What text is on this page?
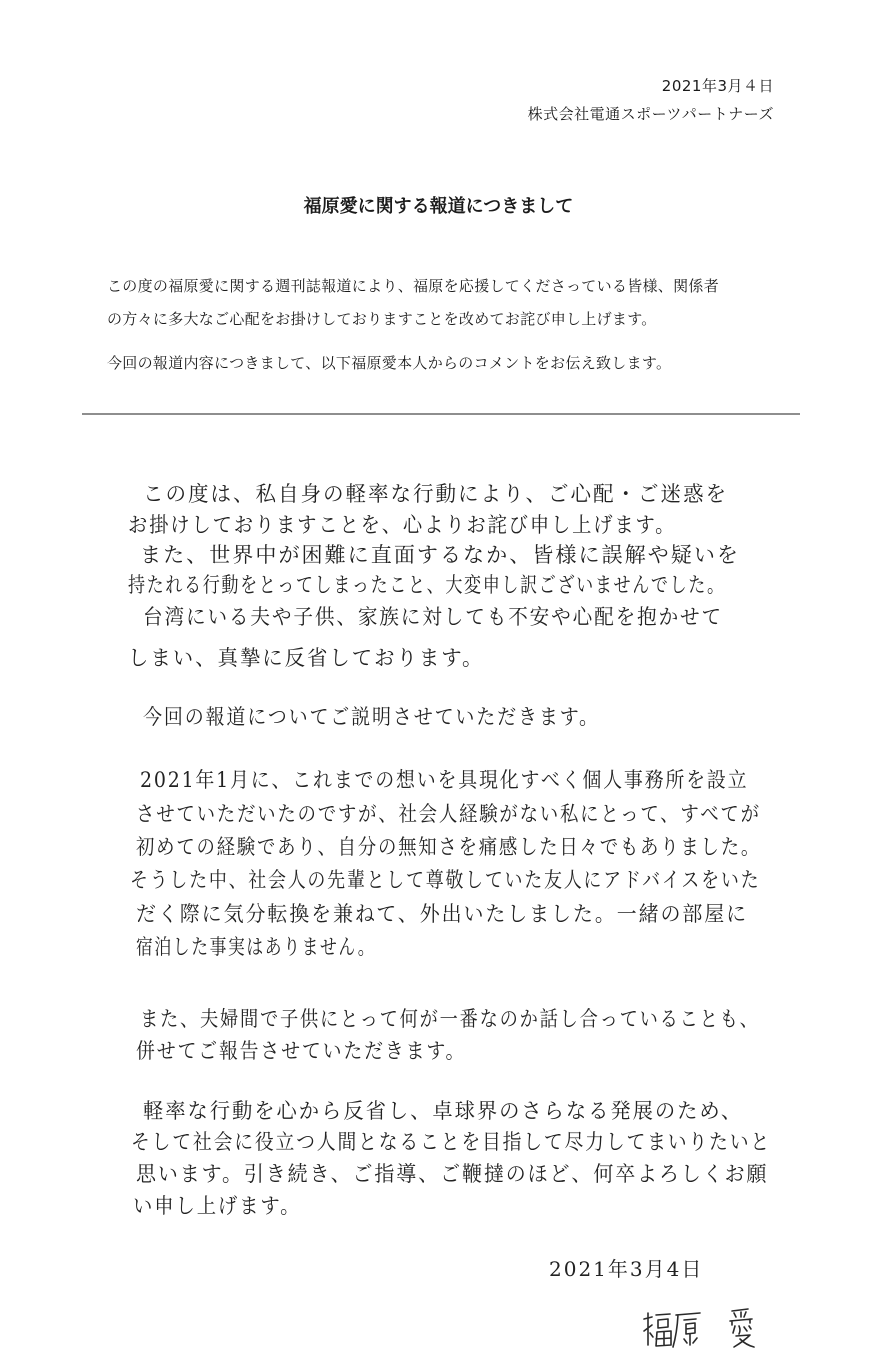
2021年3月４日
株式会社電通スポーツパートナーズ
福原愛に関する報道につきまして
この度の福原愛に関する週刊誌報道により、福原を応援してくださっている皆様、関係者
の方々に多大なご心配をお掛けしておりますことを改めてお詫び申し上げます。
今回の報道内容につきまして、以下福原愛本人からのコメントをお伝え致します。
この度は、私自身の軽率な行動により、ご心配・ご迷惑を
お掛けしておりますことを、心よりお詫び申し上げます。
また、世界中が困難に直面するなか、皆様に誤解や疑いを
持たれる行動をとってしまったこと、大変申し訳ございませんでした。
台湾にいる夫や子供、家族に対しても不安や心配を抱かせて
しまい、真摯に反省しております。
今回の報道についてご説明させていただきます。
2021年1月に、これまでの想いを具現化すべく個人事務所を設立
させていただいたのですが、社会人経験がない私にとって、すべてが
初めての経験であり、自分の無知さを痛感した日々でもありました。
そうした中、社会人の先輩として尊敬していた友人にアドバイスをいた
だく際に気分転換を兼ねて、外出いたしました。一緒の部屋に
宿泊した事実はありません。
また、夫婦間で子供にとって何が一番なのか話し合っていることも、
併せてご報告させていただきます。
軽率な行動を心から反省し、卓球界のさらなる発展のため、
そして社会に役立つ人間となることを目指して尽力してまいりたいと
思います。引き続き、ご指導、ご鞭撻のほど、何卒よろしくお願
い申し上げます。
2021年3月4日
